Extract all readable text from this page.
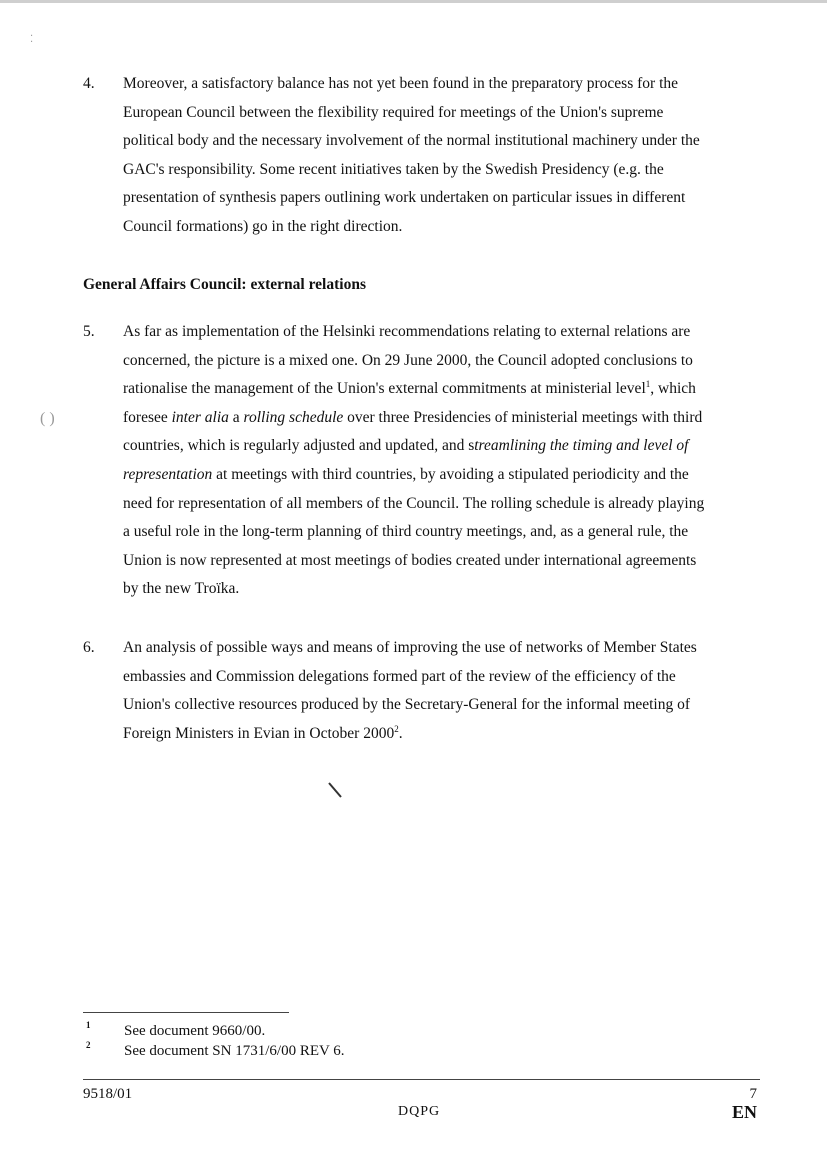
⁚
( )
4. Moreover, a satisfactory balance has not yet been found in the preparatory process for the
European Council between the flexibility required for meetings of the Union's supreme
political body and the necessary involvement of the normal institutional machinery under the
GAC's responsibility. Some recent initiatives taken by the Swedish Presidency (e.g. the
presentation of synthesis papers outlining work undertaken on particular issues in different
Council formations) go in the right direction.
General Affairs Council: external relations
5. As far as implementation of the Helsinki recommendations relating to external relations are
concerned, the picture is a mixed one. On 29 June 2000, the Council adopted conclusions to
rationalise the management of the Union's external commitments at ministerial level$^1$, which
foresee inter alia a rolling schedule over three Presidencies of ministerial meetings with third
countries, which is regularly adjusted and updated, and streamlining the timing and level of
representation at meetings with third countries, by avoiding a stipulated periodicity and the
need for representation of all members of the Council. The rolling schedule is already playing
a useful role in the long-term planning of third country meetings, and, as a general rule, the
Union is now represented at most meetings of bodies created under international agreements
by the new Troïka.
6. An analysis of possible ways and means of improving the use of networks of Member States
embassies and Commission delegations formed part of the review of the efficiency of the
Union's collective resources produced by the Secretary-General for the informal meeting of
Foreign Ministers in Evian in October 2000$^2$.
1 See document 9660/00.
2 See document SN 1731/6/00 REV 6.
9518/01	7
DQPG	EN
